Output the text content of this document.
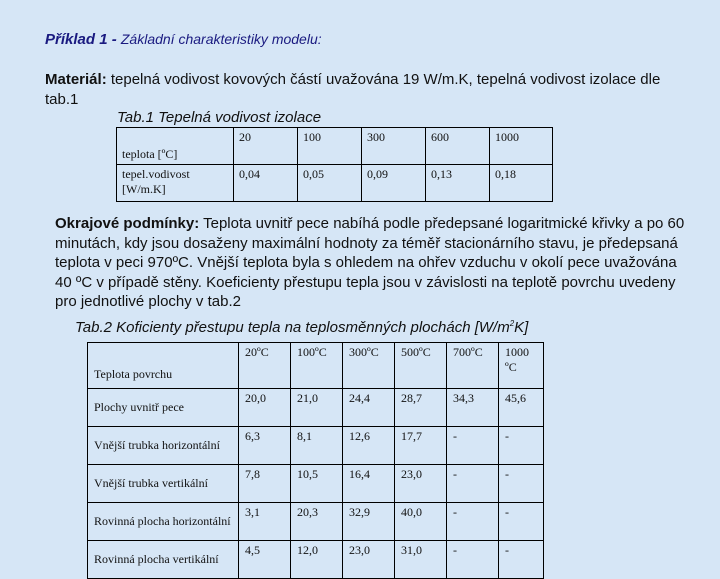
Příklad 1 - Základní charakteristiky modelu:
Materiál: tepelná vodivost kovových částí uvažována 19 W/m.K, tepelná vodivost izolace dle tab.1
Tab.1 Tepelná vodivost izolace
teplota [ºC]	20	100	300	600	1000
tepel.vodivost [W/m.K]	0,04	0,05	0,09	0,13	0,18
Okrajové podmínky: Teplota uvnitř pece nabíhá podle předepsané logaritmické křivky a po 60 minutách, kdy jsou dosaženy maximální hodnoty za téměř stacionárního stavu, je předepsaná teplota v peci 970ºC. Vnější teplota byla s ohledem na ohřev vzduchu v okolí pece uvažována 40 ºC v případě stěny. Koeficienty přestupu tepla jsou v závislosti na teplotě povrchu uvedeny pro jednotlivé plochy v tab.2
Tab.2 Koficienty přestupu tepla na teplosměnných plochách $[W/m^2K]$
Teplota povrchu	20ºC	100ºC	300ºC	500ºC	700ºC	1000 ºC
Plochy uvnitř pece	20,0	21,0	24,4	28,7	34,3	45,6
Vnější trubka horizontální	6,3	8,1	12,6	17,7	-	-
Vnější trubka vertikální	7,8	10,5	16,4	23,0	-	-
Rovinná plocha horizontální	3,1	20,3	32,9	40,0	-	-
Rovinná plocha vertikální	4,5	12,0	23,0	31,0	-	-
